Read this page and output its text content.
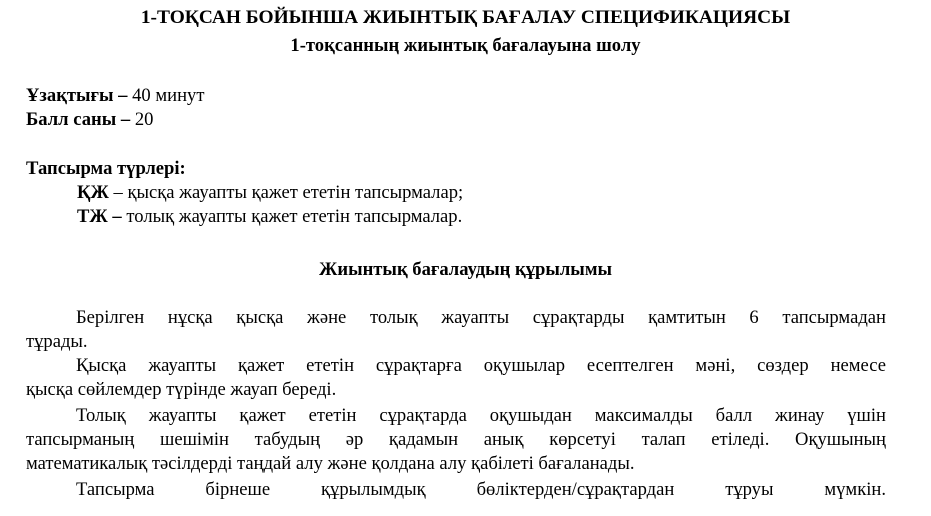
1-ТОҚСАН БОЙЫНША ЖИЫНТЫҚ БАҒАЛАУ СПЕЦИФИКАЦИЯСЫ
1-тоқсанның жиынтық бағалауына шолу
Ұзақтығы – 40 минут
Балл саны – 20
Тапсырма түрлері:
ҚЖ – қысқа жауапты қажет ететін тапсырмалар;
ТЖ – толық жауапты қажет ететін тапсырмалар.
Жиынтық бағалаудың құрылымы
Берілген нұсқа қысқа және толық жауапты сұрақтарды қамтитын 6 тапсырмадан
тұрады.
Қысқа жауапты қажет ететін сұрақтарға оқушылар есептелген мәні, сөздер немесе
қысқа сөйлемдер түрінде жауап береді.
Толық жауапты қажет ететін сұрақтарда оқушыдан максималды балл жинау үшін
тапсырманың шешімін табудың әр қадамын анық көрсетуі талап етіледі. Оқушының
математикалық тәсілдерді таңдай алу және қолдана алу қабілеті бағаланады.
Тапсырма бірнеше құрылымдық бөліктерден/сұрақтардан тұруы мүмкін.
